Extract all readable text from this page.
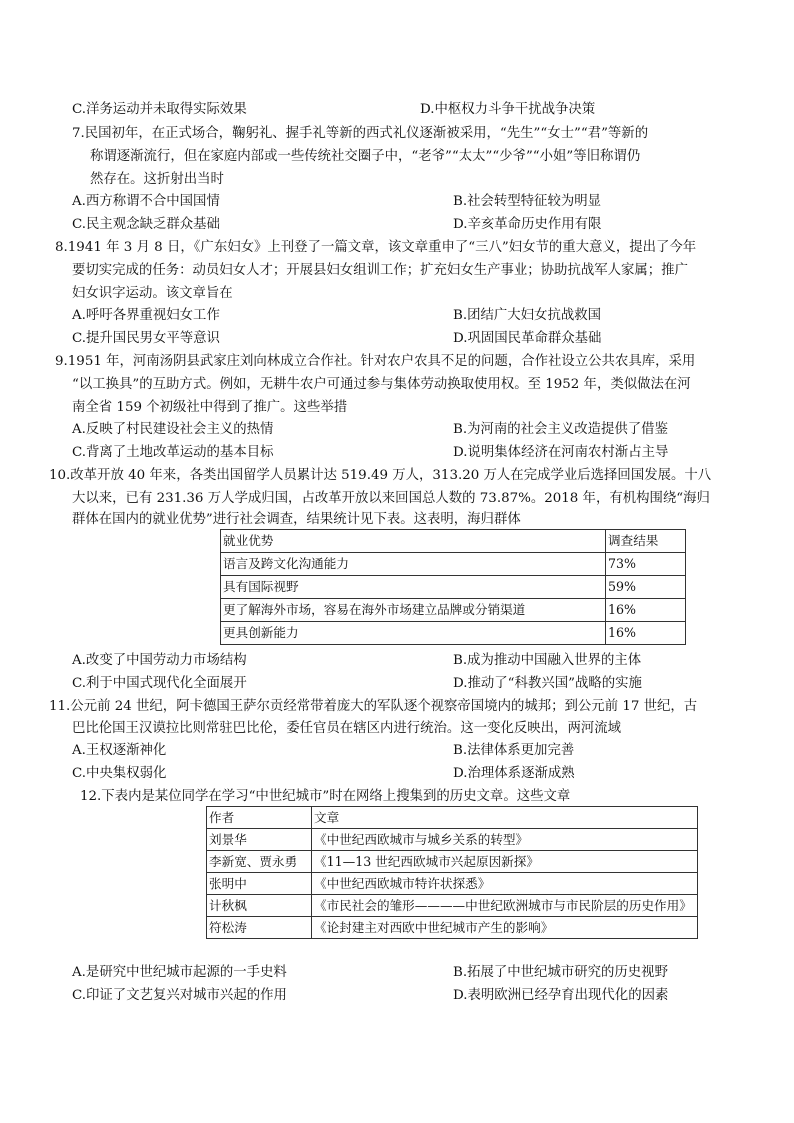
C.洋务运动并未取得实际效果	D.中枢权力斗争干扰战争决策
7.民国初年，在正式场合，鞠躬礼、握手礼等新的西式礼仪逐渐被采用，“先生”“女士”“君”等新的
称谓逐渐流行，但在家庭内部或一些传统社交圈子中，“老爷”“太太”“少爷”“小姐”等旧称谓仍
然存在。这折射出当时
A.西方称谓不合中国国情	B.社会转型特征较为明显
C.民主观念缺乏群众基础	D.辛亥革命历史作用有限
8.1941 年 3 月 8 日，《广东妇女》上刊登了一篇文章，该文章重申了“三八”妇女节的重大意义，提出了今年
要切实完成的任务：动员妇女人才；开展县妇女组训工作；扩充妇女生产事业；协助抗战军人家属；推广
妇女识字运动。该文章旨在
A.呼吁各界重视妇女工作	B.团结广大妇女抗战救国
C.提升国民男女平等意识	D.巩固国民革命群众基础
9.1951 年，河南汤阴县武家庄刘向林成立合作社。针对农户农具不足的问题，合作社设立公共农具库，采用
“以工换具”的互助方式。例如，无耕牛农户可通过参与集体劳动换取使用权。至 1952 年，类似做法在河
南全省 159 个初级社中得到了推广。这些举措
A.反映了村民建设社会主义的热情	B.为河南的社会主义改造提供了借鉴
C.背离了土地改革运动的基本目标	D.说明集体经济在河南农村渐占主导
10.改革开放 40 年来，各类出国留学人员累计达 519.49 万人，313.20 万人在完成学业后选择回国发展。十八
大以来，已有 231.36 万人学成归国，占改革开放以来回国总人数的 73.87%。2018 年，有机构围绕“海归
群体在国内的就业优势”进行社会调查，结果统计见下表。这表明，海归群体
就业优势	调查结果
语言及跨文化沟通能力	73%
具有国际视野	59%
更了解海外市场，容易在海外市场建立品牌或分销渠道	16%
更具创新能力	16%
A.改变了中国劳动力市场结构	B.成为推动中国融入世界的主体
C.利于中国式现代化全面展开	D.推动了“科教兴国”战略的实施
11.公元前 24 世纪，阿卡德国王萨尔贡经常带着庞大的军队逐个视察帝国境内的城邦；到公元前 17 世纪，古
巴比伦国王汉谟拉比则常驻巴比伦，委任官员在辖区内进行统治。这一变化反映出，两河流域
A.王权逐渐神化	B.法律体系更加完善
C.中央集权弱化	D.治理体系逐渐成熟
12.下表内是某位同学在学习“中世纪城市”时在网络上搜集到的历史文章。这些文章
作者	文章
刘景华	《中世纪西欧城市与城乡关系的转型》
李新宽、贾永勇	《11—13 世纪西欧城市兴起原因新探》
张明中	《中世纪西欧城市特许状探悉》
计秋枫	《市民社会的雏形————中世纪欧洲城市与市民阶层的历史作用》
符松涛	《论封建主对西欧中世纪城市产生的影响》
A.是研究中世纪城市起源的一手史料	B.拓展了中世纪城市研究的历史视野
C.印证了文艺复兴对城市兴起的作用	D.表明欧洲已经孕育出现代化的因素
